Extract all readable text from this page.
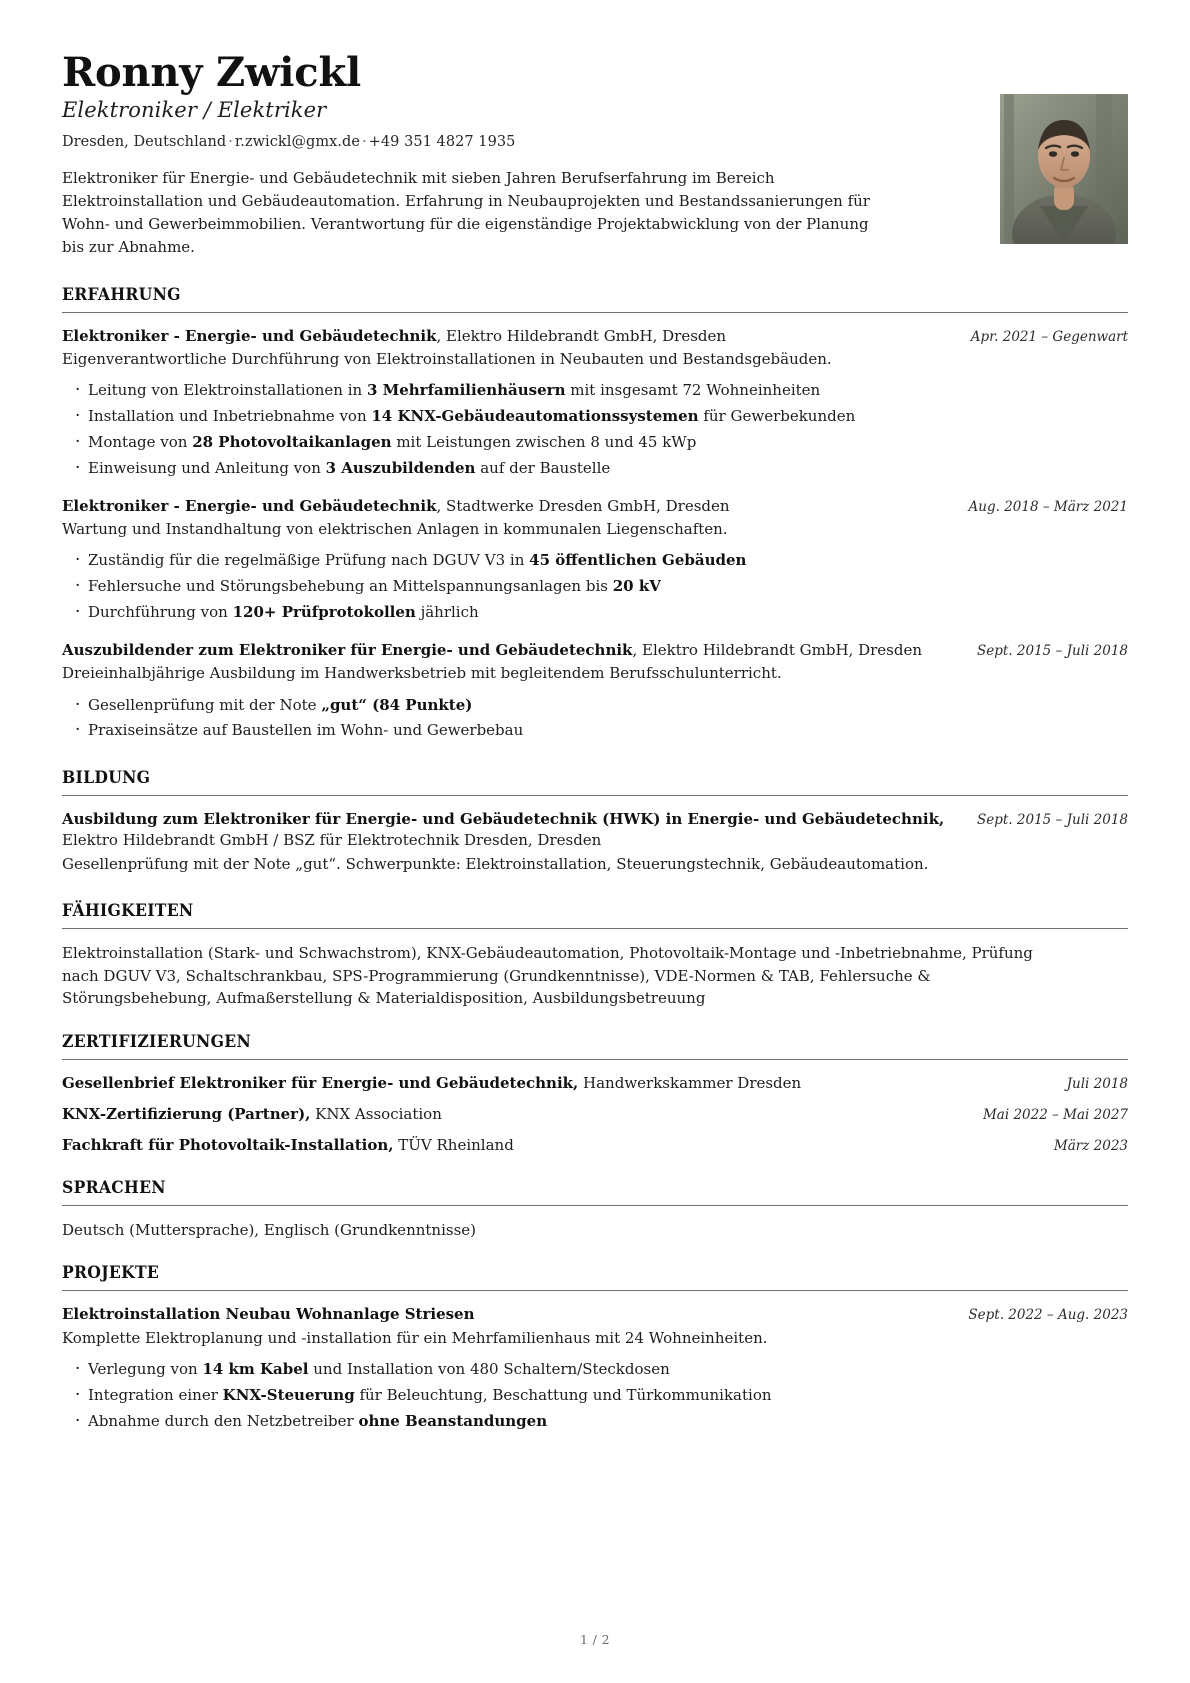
Ronny Zwickl
Elektroniker / Elektriker
Dresden, Deutschland · r.zwickl@gmx.de · +49 351 4827 1935

Elektroniker für Energie- und Gebäudetechnik mit sieben Jahren Berufserfahrung im Bereich Elektroinstallation und Gebäudeautomation. Erfahrung in Neubauprojekten und Bestandssanierungen für Wohn- und Gewerbeimmobilien. Verantwortung für die eigenständige Projektabwicklung von der Planung bis zur Abnahme.

ERFAHRUNG
Elektroniker - Energie- und Gebäudetechnik, Elektro Hildebrandt GmbH, Dresden	Apr. 2021 – Gegenwart
Eigenverantwortliche Durchführung von Elektroinstallationen in Neubauten und Bestandsgebäuden.
· Leitung von Elektroinstallationen in 3 Mehrfamilienhäusern mit insgesamt 72 Wohneinheiten
· Installation und Inbetriebnahme von 14 KNX-Gebäudeautomationssystemen für Gewerbekunden
· Montage von 28 Photovoltaikanlagen mit Leistungen zwischen 8 und 45 kWp
· Einweisung und Anleitung von 3 Auszubildenden auf der Baustelle
Elektroniker - Energie- und Gebäudetechnik, Stadtwerke Dresden GmbH, Dresden	Aug. 2018 – März 2021
Wartung und Instandhaltung von elektrischen Anlagen in kommunalen Liegenschaften.
· Zuständig für die regelmäßige Prüfung nach DGUV V3 in 45 öffentlichen Gebäuden
· Fehlersuche und Störungsbehebung an Mittelspannungsanlagen bis 20 kV
· Durchführung von 120+ Prüfprotokollen jährlich
Auszubildender zum Elektroniker für Energie- und Gebäudetechnik, Elektro Hildebrandt GmbH, Dresden	Sept. 2015 – Juli 2018
Dreieinhalbjährige Ausbildung im Handwerksbetrieb mit begleitendem Berufsschulunterricht.
· Gesellenprüfung mit der Note „gut“ (84 Punkte)
· Praxiseinsätze auf Baustellen im Wohn- und Gewerbebau
BILDUNG
Ausbildung zum Elektroniker für Energie- und Gebäudetechnik (HWK) in Energie- und Gebäudetechnik, Elektro Hildebrandt GmbH / BSZ für Elektrotechnik Dresden, Dresden
Sept. 2015 – Juli 2018
Gesellenprüfung mit der Note „gut“. Schwerpunkte: Elektroinstallation, Steuerungstechnik, Gebäudeautomation.
FÄHIGKEITEN

Elektroinstallation (Stark- und Schwachstrom), KNX-Gebäudeautomation, Photovoltaik-Montage und -Inbetriebnahme, Prüfung nach DGUV V3, Schaltschrankbau, SPS-Programmierung (Grundkenntnisse), VDE-Normen & TAB, Fehlersuche & Störungsbehebung, Aufmaßerstellung & Materialdisposition, Ausbildungsbetreuung

ZERTIFIZIERUNGEN
Gesellenbrief Elektroniker für Energie- und Gebäudetechnik, Handwerkskammer Dresden	Juli 2018
KNX-Zertifizierung (Partner), KNX Association	Mai 2022 – Mai 2027
Fachkraft für Photovoltaik-Installation, TÜV Rheinland	März 2023
SPRACHEN

Deutsch (Muttersprache), Englisch (Grundkenntnisse)

PROJEKTE
Elektroinstallation Neubau Wohnanlage Striesen	Sept. 2022 – Aug. 2023
Komplette Elektroplanung und -installation für ein Mehrfamilienhaus mit 24 Wohneinheiten.
· Verlegung von 14 km Kabel und Installation von 480 Schaltern/Steckdosen
· Integration einer KNX-Steuerung für Beleuchtung, Beschattung und Türkommunikation
· Abnahme durch den Netzbetreiber ohne Beanstandungen
1 / 2
